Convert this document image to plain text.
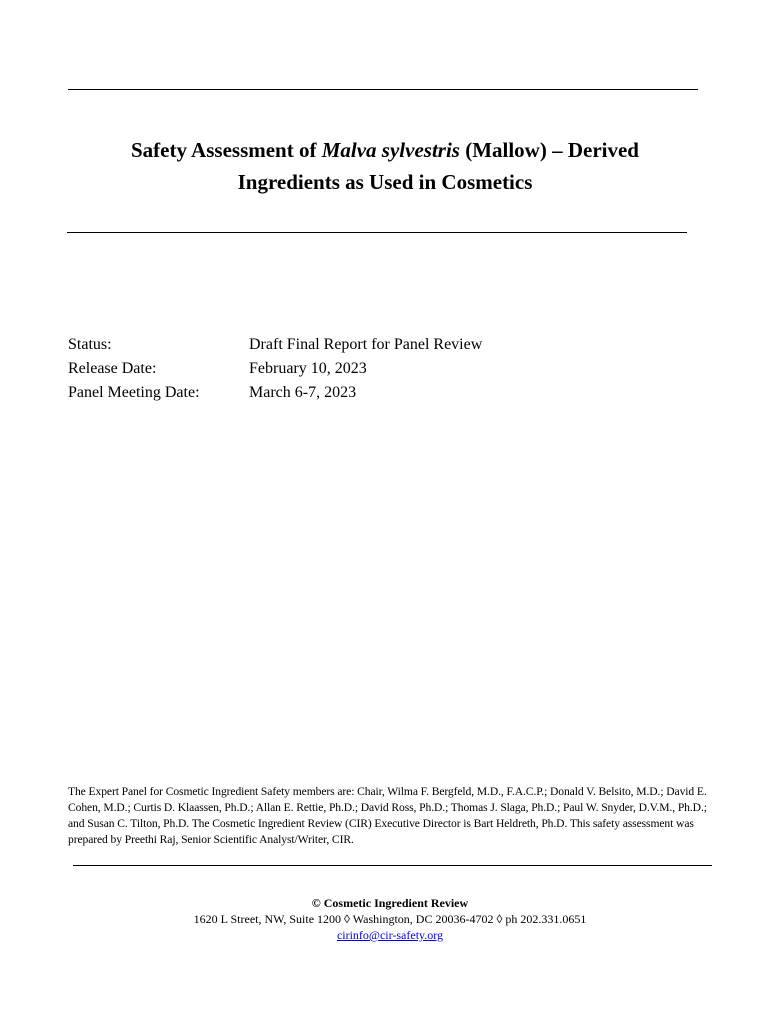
Safety Assessment of Malva sylvestris (Mallow) – Derived
Ingredients as Used in Cosmetics
Status:	Draft Final Report for Panel Review
Release Date:	February 10, 2023
Panel Meeting Date:	March 6-7, 2023
The Expert Panel for Cosmetic Ingredient Safety members are: Chair, Wilma F. Bergfeld, M.D., F.A.C.P.; Donald V. Belsito, M.D.; David E. Cohen, M.D.; Curtis D. Klaassen, Ph.D.; Allan E. Rettie, Ph.D.; David Ross, Ph.D.; Thomas J. Slaga, Ph.D.; Paul W. Snyder, D.V.M., Ph.D.; and Susan C. Tilton, Ph.D. The Cosmetic Ingredient Review (CIR) Executive Director is Bart Heldreth, Ph.D. This safety assessment was prepared by Preethi Raj, Senior Scientific Analyst/Writer, CIR.
© Cosmetic Ingredient Review
1620 L Street, NW, Suite 1200 ◊ Washington, DC 20036-4702 ◊ ph 202.331.0651
cirinfo@cir-safety.org
